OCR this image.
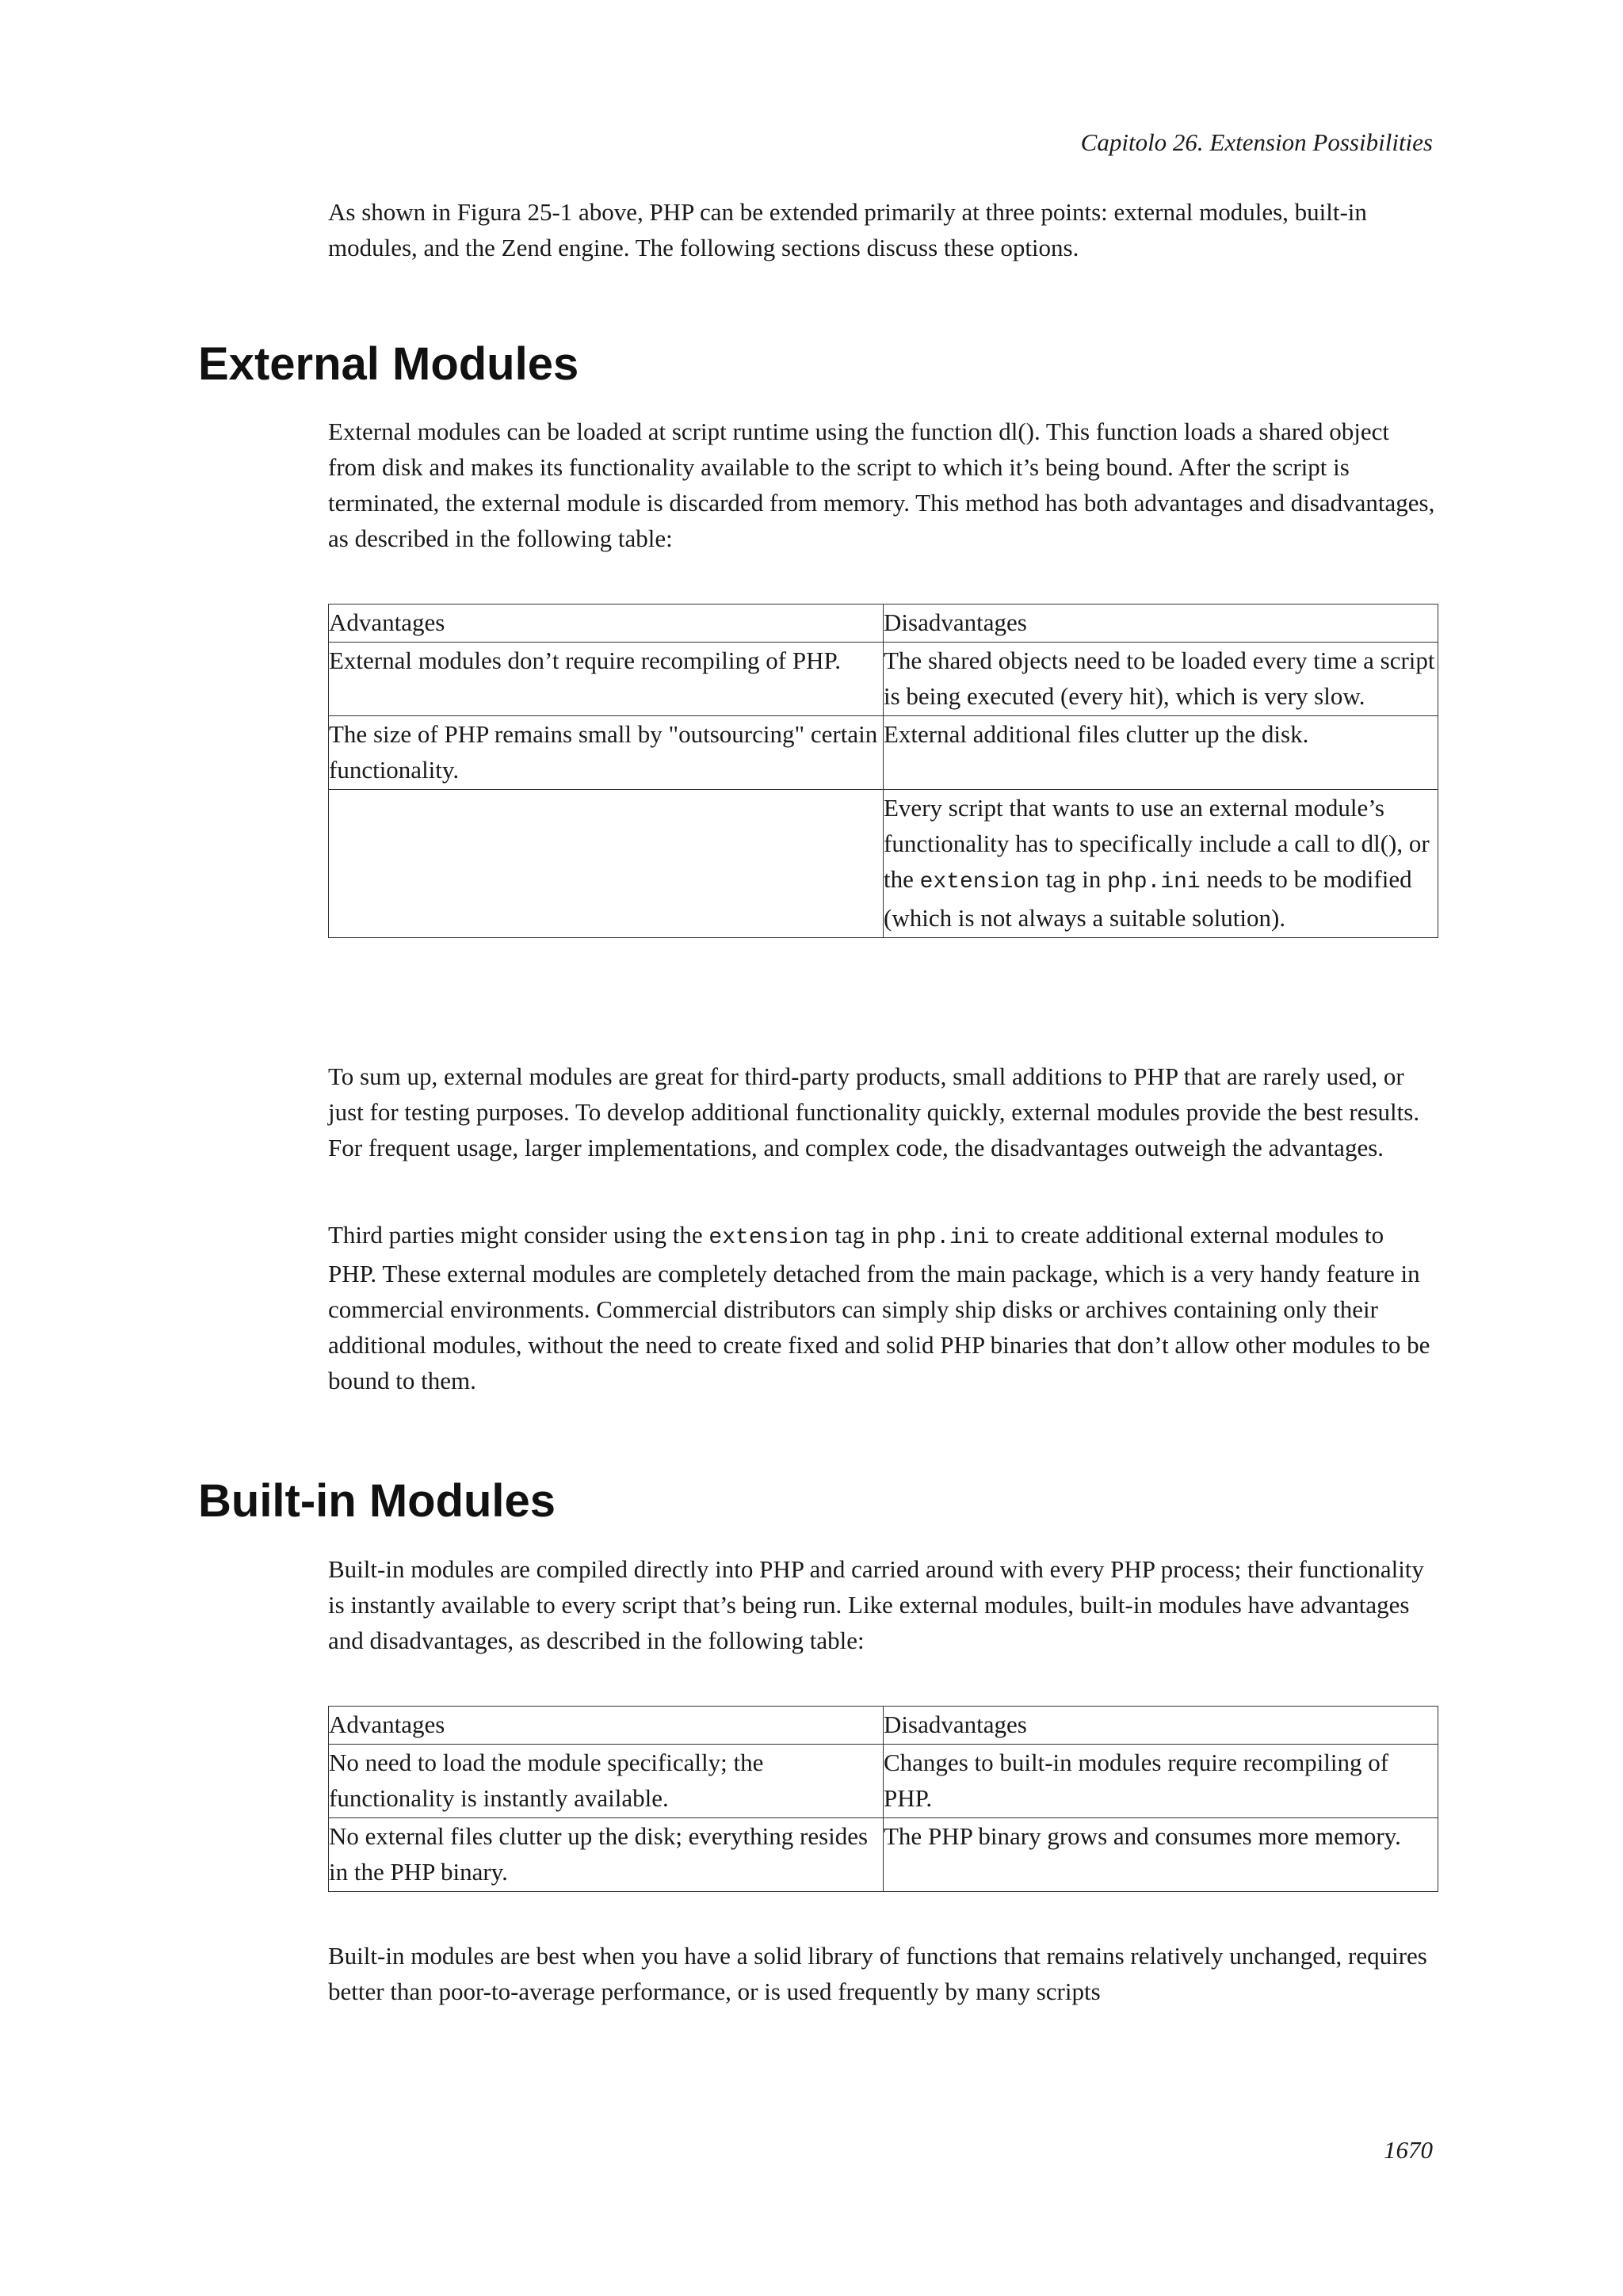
Capitolo 26. Extension Possibilities

As shown in Figura 25-1 above, PHP can be extended primarily at three points: external modules, built-in modules, and the Zend engine. The following sections discuss these options.

External Modules

External modules can be loaded at script runtime using the function dl(). This function loads a shared object from disk and makes its functionality available to the script to which it’s being bound. After the script is terminated, the external module is discarded from memory. This method has both advantages and disadvantages, as described in the following table:

Advantages	Disadvantages
External modules don’t require recompiling of PHP.	The shared objects need to be loaded every time a script is being executed (every hit), which is very slow.
The size of PHP remains small by "outsourcing" certain functionality.	External additional files clutter up the disk.
	Every script that wants to use an external module’s functionality has to specifically include a call to dl(), or the extension tag in php.ini needs to be modified (which is not always a suitable solution).

To sum up, external modules are great for third-party products, small additions to PHP that are rarely used, or just for testing purposes. To develop additional functionality quickly, external modules provide the best results. For frequent usage, larger implementations, and complex code, the disadvantages outweigh the advantages.

Third parties might consider using the extension tag in php.ini to create additional external modules to PHP. These external modules are completely detached from the main package, which is a very handy feature in commercial environments. Commercial distributors can simply ship disks or archives containing only their additional modules, without the need to create fixed and solid PHP binaries that don’t allow other modules to be bound to them.

Built-in Modules

Built-in modules are compiled directly into PHP and carried around with every PHP process; their functionality is instantly available to every script that’s being run. Like external modules, built-in modules have advantages and disadvantages, as described in the following table:

Advantages	Disadvantages
No need to load the module specifically; the functionality is instantly available.	Changes to built-in modules require recompiling of PHP.
No external files clutter up the disk; everything resides in the PHP binary.	The PHP binary grows and consumes more memory.

Built-in modules are best when you have a solid library of functions that remains relatively unchanged, requires better than poor-to-average performance, or is used frequently by many scripts

1670
